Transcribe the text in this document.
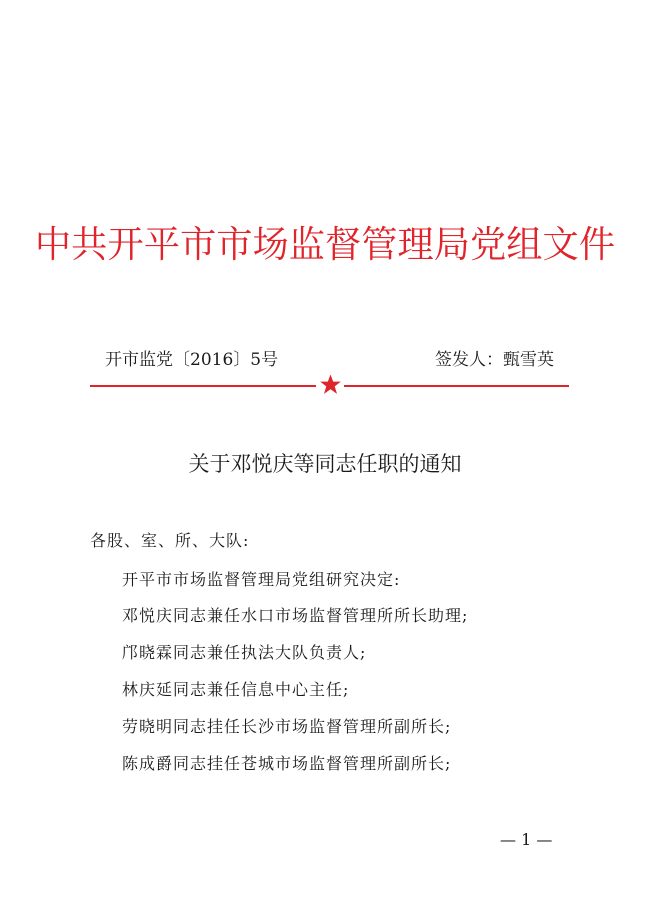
中共开平市市场监督管理局党组文件
开市监党〔2016〕5号	签发人：甄雪英
关于邓悦庆等同志任职的通知
各股、室、所、大队:
开平市市场监督管理局党组研究决定:
邓悦庆同志兼任水口市场监督管理所所长助理;
邝晓霖同志兼任执法大队负责人;
林庆延同志兼任信息中心主任;
劳晓明同志挂任长沙市场监督管理所副所长;
陈成爵同志挂任苍城市场监督管理所副所长;
— 1 —
